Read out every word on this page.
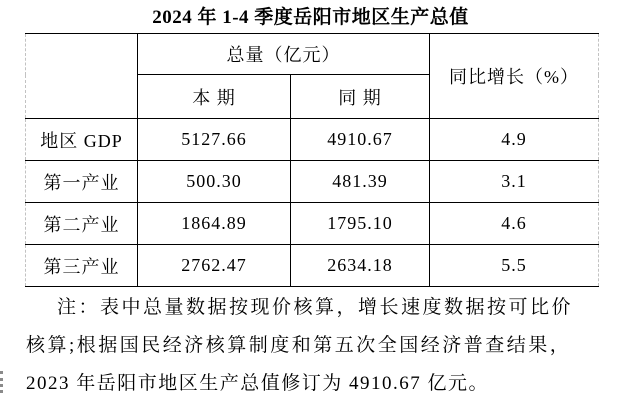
2024 年 1-4 季度岳阳市地区生产总值
	总量（亿元）		同比增长（%）
	本 期	同 期	
地区 GDP	5127.66	4910.67	4.9
第一产业	500.30	481.39	3.1
第二产业	1864.89	1795.10	4.6
第三产业	2762.47	2634.18	5.5
注：表中总量数据按现价核算，增长速度数据按可比价
核算;根据国民经济核算制度和第五次全国经济普查结果，
2023 年岳阳市地区生产总值修订为 4910.67 亿元。
